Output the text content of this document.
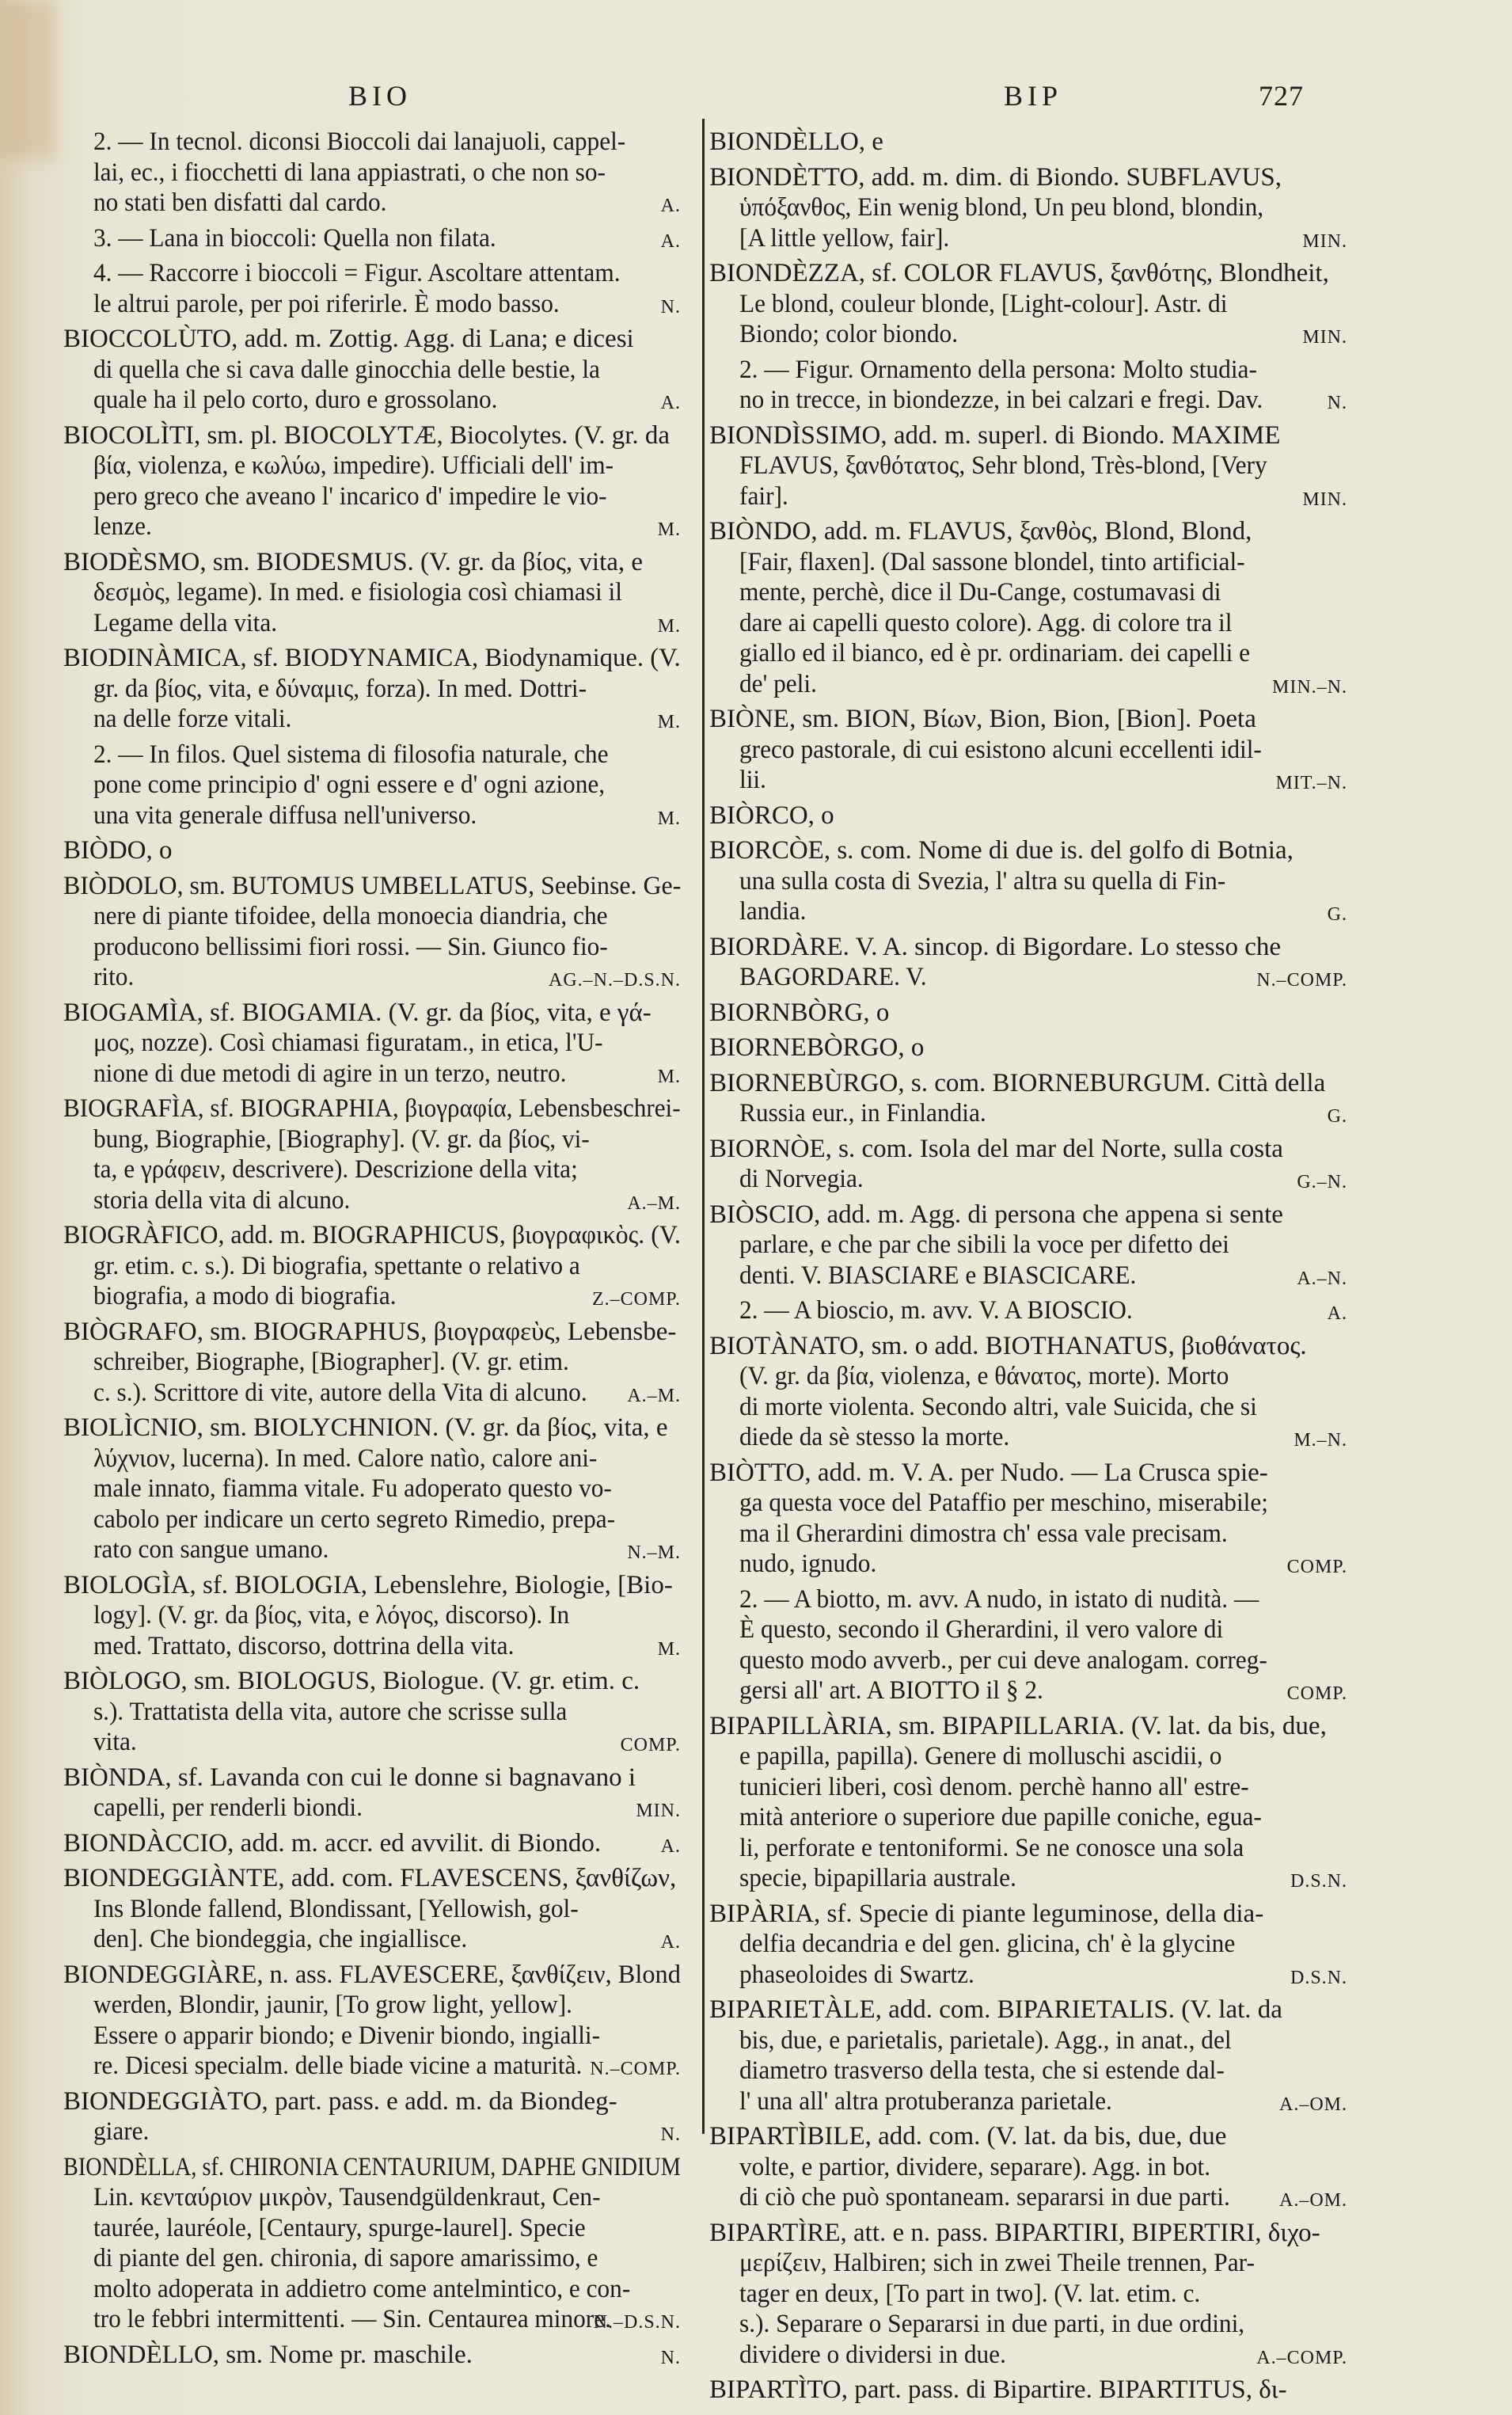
BIO	BIP	727
2. — In tecnol. diconsi Bioccoli dai lanajuoli, cappel-
lai, ec., i fiocchetti di lana appiastrati, o che non so-
A.
no stati ben disfatti dal cardo.
A.
3. — Lana in bioccoli: Quella non filata.
4. — Raccorre i bioccoli = Figur. Ascoltare attentam.
N.
le altrui parole, per poi riferirle. È modo basso.
BIOCCOLÙTO, add. m. Zottig. Agg. di Lana; e dicesi
di quella che si cava dalle ginocchia delle bestie, la
A.
quale ha il pelo corto, duro e grossolano.
BIOCOLÌTI, sm. pl. BIOCOLYTÆ, Biocolytes. (V. gr. da
βία, violenza, e κωλύω, impedire). Ufficiali dell' im-
pero greco che aveano l' incarico d' impedire le vio-
M.
lenze.
BIODÈSMO, sm. BIODESMUS. (V. gr. da βίος, vita, e
δεσμὸς, legame). In med. e fisiologia così chiamasi il
M.
Legame della vita.
BIODINÀMICA, sf. BIODYNAMICA, Biodynamique. (V.
gr. da βίος, vita, e δύναμις, forza). In med. Dottri-
M.
na delle forze vitali.
2. — In filos. Quel sistema di filosofia naturale, che
pone come principio d' ogni essere e d' ogni azione,
M.
una vita generale diffusa nell'universo.
BIÒDO, o
BIÒDOLO, sm. BUTOMUS UMBELLATUS, Seebinse. Ge-
nere di piante tifoidee, della monoecia diandria, che
producono bellissimi fiori rossi. — Sin. Giunco fio-
AG.–N.–D.S.N.
rito.
BIOGAMÌA, sf. BIOGAMIA. (V. gr. da βίος, vita, e γά-
μος, nozze). Così chiamasi figuratam., in etica, l'U-
M.
nione di due metodi di agire in un terzo, neutro.
BIOGRAFÌA, sf. BIOGRAPHIA, βιογραφία, Lebensbeschrei-
bung, Biographie, [Biography]. (V. gr. da βίος, vi-
ta, e γράφειν, descrivere). Descrizione della vita;
A.–M.
storia della vita di alcuno.
BIOGRÀFICO, add. m. BIOGRAPHICUS, βιογραφικὸς. (V.
gr. etim. c. s.). Di biografia, spettante o relativo a
Z.–COMP.
biografia, a modo di biografia.
BIÒGRAFO, sm. BIOGRAPHUS, βιογραφεὺς, Lebensbe-
schreiber, Biographe, [Biographer]. (V. gr. etim.
A.–M.
c. s.). Scrittore di vite, autore della Vita di alcuno.
BIOLÌCNIO, sm. BIOLYCHNION. (V. gr. da βίος, vita, e
λύχνιον, lucerna). In med. Calore natìo, calore ani-
male innato, fiamma vitale. Fu adoperato questo vo-
cabolo per indicare un certo segreto Rimedio, prepa-
N.–M.
rato con sangue umano.
BIOLOGÌA, sf. BIOLOGIA, Lebenslehre, Biologie, [Bio-
logy]. (V. gr. da βίος, vita, e λόγος, discorso). In
M.
med. Trattato, discorso, dottrina della vita.
BIÒLOGO, sm. BIOLOGUS, Biologue. (V. gr. etim. c.
s.). Trattatista della vita, autore che scrisse sulla
COMP.
vita.
BIÒNDA, sf. Lavanda con cui le donne si bagnavano i
MIN.
capelli, per renderli biondi.
A.
BIONDÀCCIO, add. m. accr. ed avvilit. di Biondo.
BIONDEGGIÀNTE, add. com. FLAVESCENS, ξανθίζων,
Ins Blonde fallend, Blondissant, [Yellowish, gol-
A.
den]. Che biondeggia, che ingiallisce.
BIONDEGGIÀRE, n. ass. FLAVESCERE, ξανθίζειν, Blond
werden, Blondir, jaunir, [To grow light, yellow].
Essere o apparir biondo; e Divenir biondo, ingialli-
N.–COMP.
re. Dicesi specialm. delle biade vicine a maturità.
BIONDEGGIÀTO, part. pass. e add. m. da Biondeg-
N.
giare.
BIONDÈLLA, sf. CHIRONIA CENTAURIUM, DAPHE GNIDIUM
Lin. κενταύριον μικρὸν, Tausendgüldenkraut, Cen-
taurée, lauréole, [Centaury, spurge-laurel]. Specie
di piante del gen. chironia, di sapore amarissimo, e
molto adoperata in addietro come antelmintico, e con-
N.–D.S.N.
tro le febbri intermittenti. — Sin. Centaurea minore.
N.
BIONDÈLLO, sm. Nome pr. maschile.
BIONDÈLLO, e
BIONDÈTTO, add. m. dim. di Biondo. SUBFLAVUS,
ὑπόξανθος, Ein wenig blond, Un peu blond, blondin,
MIN.
[A little yellow, fair].
BIONDÈZZA, sf. COLOR FLAVUS, ξανθότης, Blondheit,
Le blond, couleur blonde, [Light-colour]. Astr. di
MIN.
Biondo; color biondo.
2. — Figur. Ornamento della persona: Molto studia-
N.
no in trecce, in biondezze, in bei calzari e fregi. Dav.
BIONDÌSSIMO, add. m. superl. di Biondo. MAXIME
FLAVUS, ξανθότατος, Sehr blond, Très-blond, [Very
MIN.
fair].
BIÒNDO, add. m. FLAVUS, ξανθὸς, Blond, Blond,
[Fair, flaxen]. (Dal sassone blondel, tinto artificial-
mente, perchè, dice il Du-Cange, costumavasi di
dare ai capelli questo colore). Agg. di colore tra il
giallo ed il bianco, ed è pr. ordinariam. dei capelli e
MIN.–N.
de' peli.
BIÒNE, sm. BION, Βίων, Bion, Bion, [Bion]. Poeta
greco pastorale, di cui esistono alcuni eccellenti idil-
MIT.–N.
lii.
BIÒRCO, o
BIORCÒE, s. com. Nome di due is. del golfo di Botnia,
una sulla costa di Svezia, l' altra su quella di Fin-
G.
landia.
BIORDÀRE. V. A. sincop. di Bigordare. Lo stesso che
N.–COMP.
BAGORDARE. V.
BIORNBÒRG, o
BIORNEBÒRGO, o
BIORNEBÙRGO, s. com. BIORNEBURGUM. Città della
G.
Russia eur., in Finlandia.
BIORNÒE, s. com. Isola del mar del Norte, sulla costa
G.–N.
di Norvegia.
BIÒSCIO, add. m. Agg. di persona che appena si sente
parlare, e che par che sibili la voce per difetto dei
A.–N.
denti. V. BIASCIARE e BIASCICARE.
A.
2. — A bioscio, m. avv. V. A BIOSCIO.
BIOTÀNATO, sm. o add. BIOTHANATUS, βιοθάνατος.
(V. gr. da βία, violenza, e θάνατος, morte). Morto
di morte violenta. Secondo altri, vale Suicida, che si
M.–N.
diede da sè stesso la morte.
BIÒTTO, add. m. V. A. per Nudo. — La Crusca spie-
ga questa voce del Pataffio per meschino, miserabile;
ma il Gherardini dimostra ch' essa vale precisam.
COMP.
nudo, ignudo.
2. — A biotto, m. avv. A nudo, in istato di nudità. —
È questo, secondo il Gherardini, il vero valore di
questo modo avverb., per cui deve analogam. correg-
COMP.
gersi all' art. A BIOTTO il § 2.
BIPAPILLÀRIA, sm. BIPAPILLARIA. (V. lat. da bis, due,
e papilla, papilla). Genere di molluschi ascidii, o
tunicieri liberi, così denom. perchè hanno all' estre-
mità anteriore o superiore due papille coniche, egua-
li, perforate e tentoniformi. Se ne conosce una sola
D.S.N.
specie, bipapillaria australe.
BIPÀRIA, sf. Specie di piante leguminose, della dia-
delfia decandria e del gen. glicina, ch' è la glycine
D.S.N.
phaseoloides di Swartz.
BIPARIETÀLE, add. com. BIPARIETALIS. (V. lat. da
bis, due, e parietalis, parietale). Agg., in anat., del
diametro trasverso della testa, che si estende dal-
A.–OM.
l' una all' altra protuberanza parietale.
BIPARTÌBILE, add. com. (V. lat. da bis, due, due
volte, e partior, dividere, separare). Agg. in bot.
A.–OM.
di ciò che può spontaneam. separarsi in due parti.
BIPARTÌRE, att. e n. pass. BIPARTIRI, BIPERTIRI, διχο-
μερίζειν, Halbiren; sich in zwei Theile trennen, Par-
tager en deux, [To part in two]. (V. lat. etim. c.
s.). Separare o Separarsi in due parti, in due ordini,
A.–COMP.
dividere o dividersi in due.
BIPARTÌTO, part. pass. di Bipartire. BIPARTITUS, δι-
